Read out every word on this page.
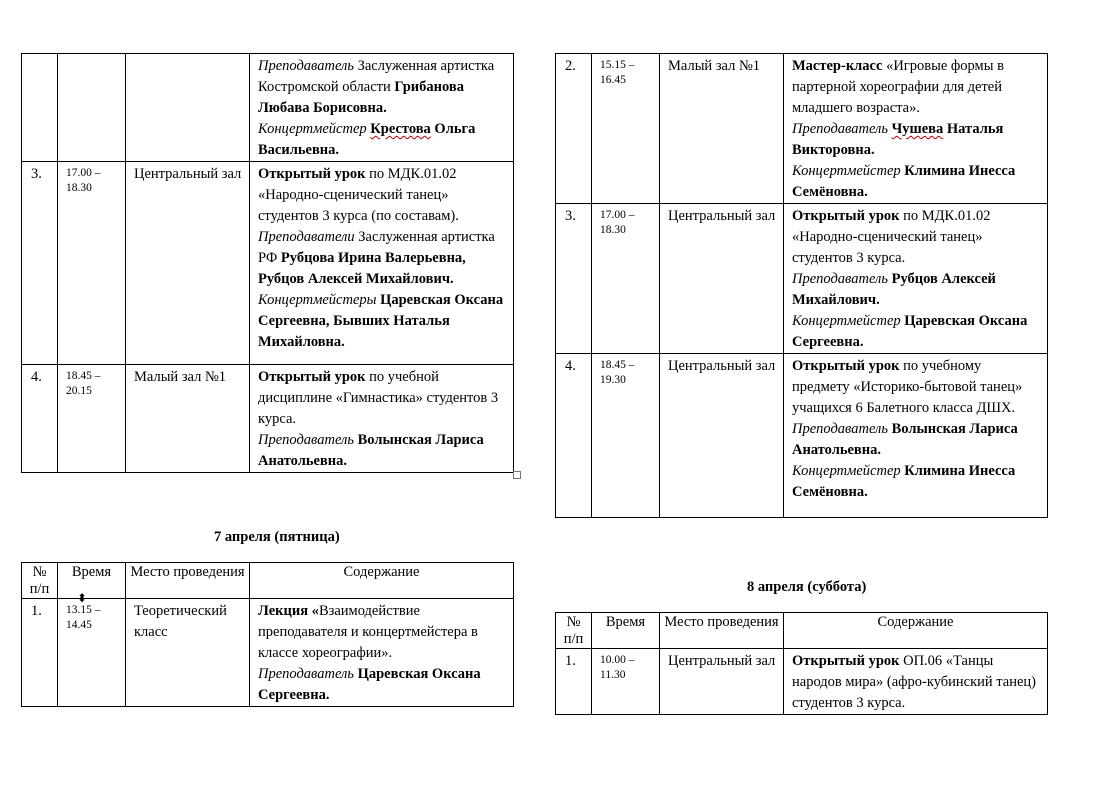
			Преподаватель Заслуженная артистка Костромской области Грибанова Любава Борисовна.

Концертмейстер Крестова Ольга Васильевна.

3.	17.00 – 18.30	Центральный зал	Открытый урок по МДК.01.02 «Народно-сценический танец» студентов 3 курса (по составам).

Преподаватели Заслуженная артистка РФ Рубцова Ирина Валерьевна, Рубцов Алексей Михайлович.

Концертмейстеры Царевская Оксана Сергеевна, Бывших Наталья Михайловна.

4.	18.45 – 20.15	Малый зал №1	Открытый урок по учебной дисциплине «Гимнастика» студентов 3 курса.

Преподаватель Волынская Лариса Анатольевна.

2.	15.15 – 16.45	Малый зал №1	Мастер-класс «Игровые формы в партерной хореографии для детей младшего возраста».

Преподаватель Чушева Наталья Викторовна.

Концертмейстер Климина Инесса Семёновна.

3.	17.00 – 18.30	Центральный зал	Открытый урок по МДК.01.02 «Народно-сценический танец» студентов 3 курса.

Преподаватель Рубцов Алексей Михайлович.

Концертмейстер Царевская Оксана Сергеевна.

4.	18.45 – 19.30	Центральный зал	Открытый урок по учебному предмету «Историко-бытовой танец» учащихся 6 Балетного класса ДШХ.

Преподаватель Волынская Лариса Анатольевна.

Концертмейстер Климина Инесса Семёновна.

7 апреля (пятница)
№ п/п	Время	Место проведения	Содержание
1.	13.15 – 14.45	Теоретический класс	Лекция «Взаимодействие преподавателя и концертмейстера в классе хореографии».

Преподаватель Царевская Оксана Сергеевна.

⬍
8 апреля (суббота)
№ п/п	Время	Место проведения	Содержание
1.	10.00 – 11.30	Центральный зал	Открытый урок ОП.06 «Танцы народов мира» (афро-кубинский танец) студентов 3 курса.
